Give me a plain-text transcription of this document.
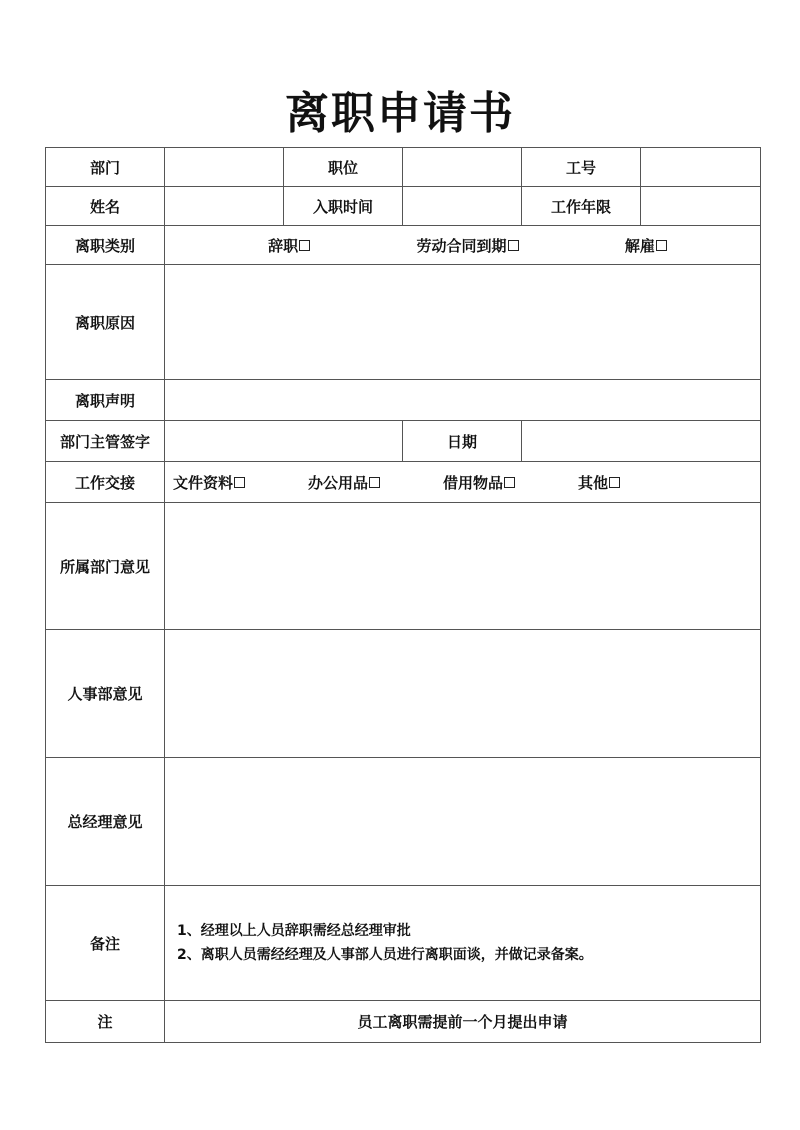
离职申请书
部门		职位		工号	
姓名		入职时间		工作年限	
离职类别	辞职 劳动合同到期 解雇				

离职原因					
离职声明					
部门主管签字			日期		
工作交接	文件资料 办公用品 借用物品 其他				

所属部门意见					
人事部意见					
总经理意见					
备注	1、经理以上人员辞职需经总经理审批
2、离职人员需经经理及人事部人员进行离职面谈，并做记录备案。				

注	员工离职需提前一个月提出申请				
